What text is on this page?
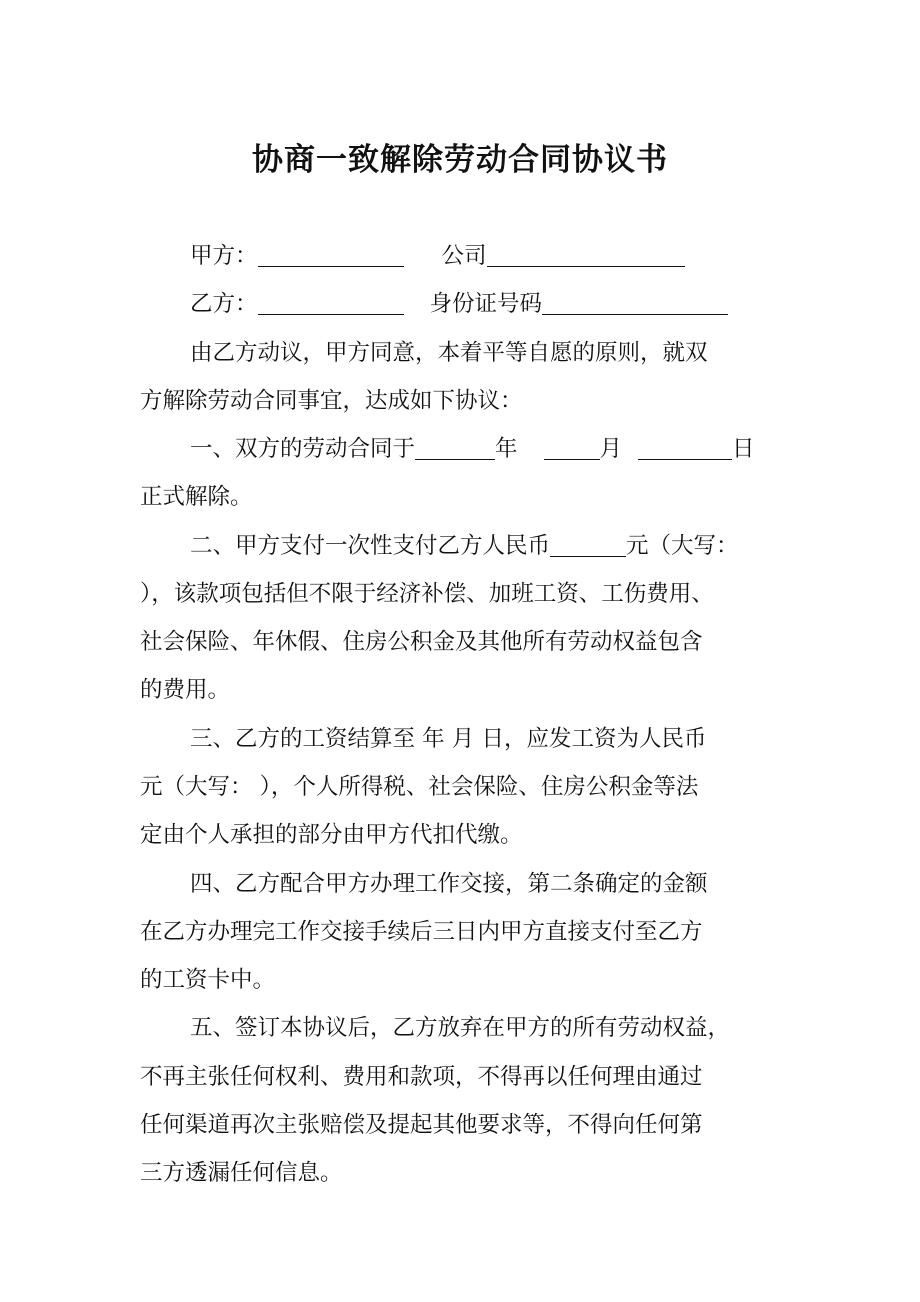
协商一致解除劳动合同协议书
甲方：	公司
乙方：	身份证号码
由乙方动议，甲方同意，本着平等自愿的原则，就双
方解除劳动合同事宜，达成如下协议：
一、双方的劳动合同于	年	月	日
正式解除。
二、甲方支付一次性支付乙方人民币	元（大写：
），该款项包括但不限于经济补偿、加班工资、工伤费用、
社会保险、年休假、住房公积金及其他所有劳动权益包含
的费用。
三、乙方的工资结算至 年 月 日，应发工资为人民币
元（大写： ），个人所得税、社会保险、住房公积金等法
定由个人承担的部分由甲方代扣代缴。
四、乙方配合甲方办理工作交接，第二条确定的金额
在乙方办理完工作交接手续后三日内甲方直接支付至乙方
的工资卡中。
五、签订本协议后，乙方放弃在甲方的所有劳动权益，
不再主张任何权利、费用和款项，不得再以任何理由通过
任何渠道再次主张赔偿及提起其他要求等，不得向任何第
三方透漏任何信息。
